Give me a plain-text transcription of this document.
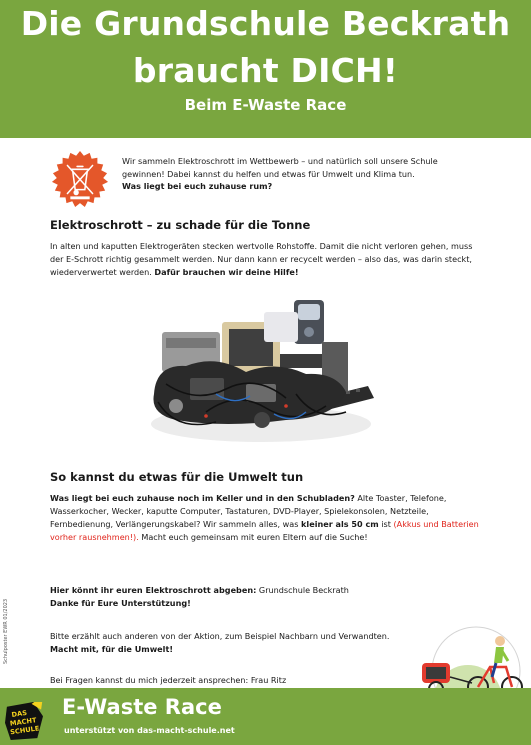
Die Grundschule Beckrath
braucht DICH!
Beim E-Waste Race
Wir sammeln Elektroschrott im Wettbewerb – und natürlich soll unsere Schule
gewinnen! Dabei kannst du helfen und etwas für Umwelt und Klima tun.
Was liegt bei euch zuhause rum?
Elektroschrott – zu schade für die Tonne
In alten und kaputten Elektrogeräten stecken wertvolle Rohstoffe. Damit die nicht verloren gehen, muss der E-Schrott richtig gesammelt werden. Nur dann kann er recycelt werden – also das, was darin steckt, wiederverwertet werden. Dafür brauchen wir deine Hilfe!
So kannst du etwas für die Umwelt tun
Was liegt bei euch zuhause noch im Keller und in den Schubladen? Alte Toaster, Telefone, Wasserkocher, Wecker, kaputte Computer, Tastaturen, DVD-Player, Spielekonsolen, Netzteile, Fernbedienung, Verlängerungskabel? Wir sammeln alles, was kleiner als 50 cm ist (Akkus und Batterien vorher rausnehmen!). Macht euch gemeinsam mit euren Eltern auf die Suche!
Hier könnt ihr euren Elektroschrott abgeben: Grundschule Beckrath
Danke für Eure Unterstützung!
Bitte erzählt auch anderen von der Aktion, zum Beispiel Nachbarn und Verwandten.
Macht mit, für die Umwelt!
Bei Fragen kannst du mich jederzeit ansprechen: Frau Ritz
Schulposter EWR 01/2023
DAS
MACHT
SCHULE
E-Waste Race
unterstützt von das-macht-schule.net
